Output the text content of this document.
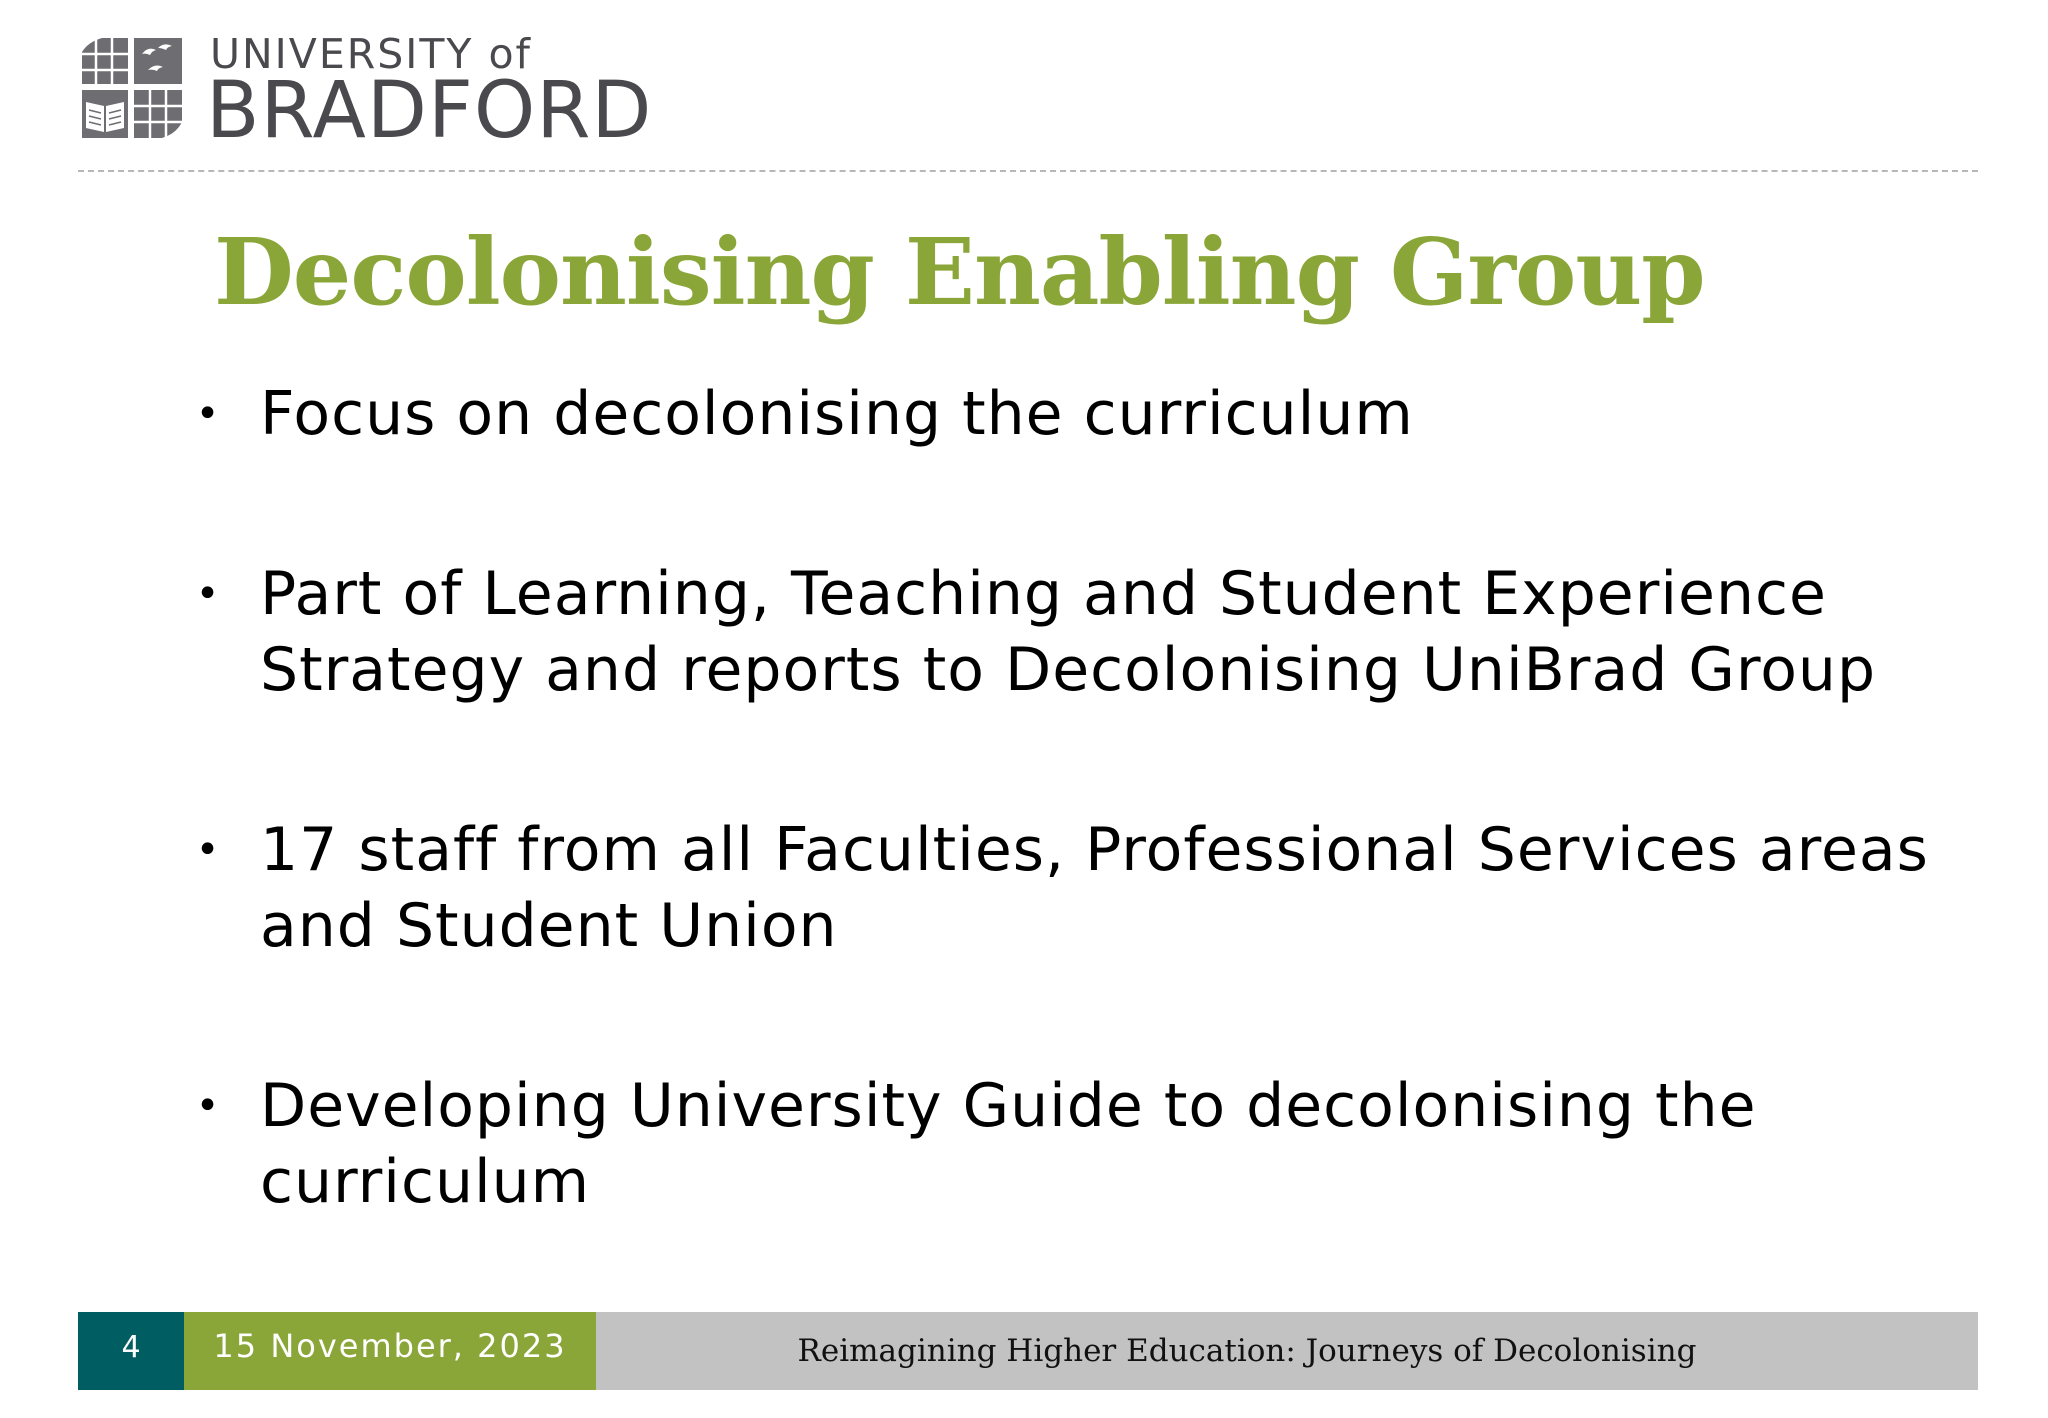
UNIVERSITY of
BRADFORD
Decolonising Enabling Group
• Focus on decolonising the curriculum
• Part of Learning, Teaching and Student Experience Strategy and reports to Decolonising UniBrad Group
• 17 staff from all Faculties, Professional Services areas and Student Union
• Developing University Guide to decolonising the curriculum
4	15 November, 2023	Reimagining Higher Education: Journeys of Decolonising
